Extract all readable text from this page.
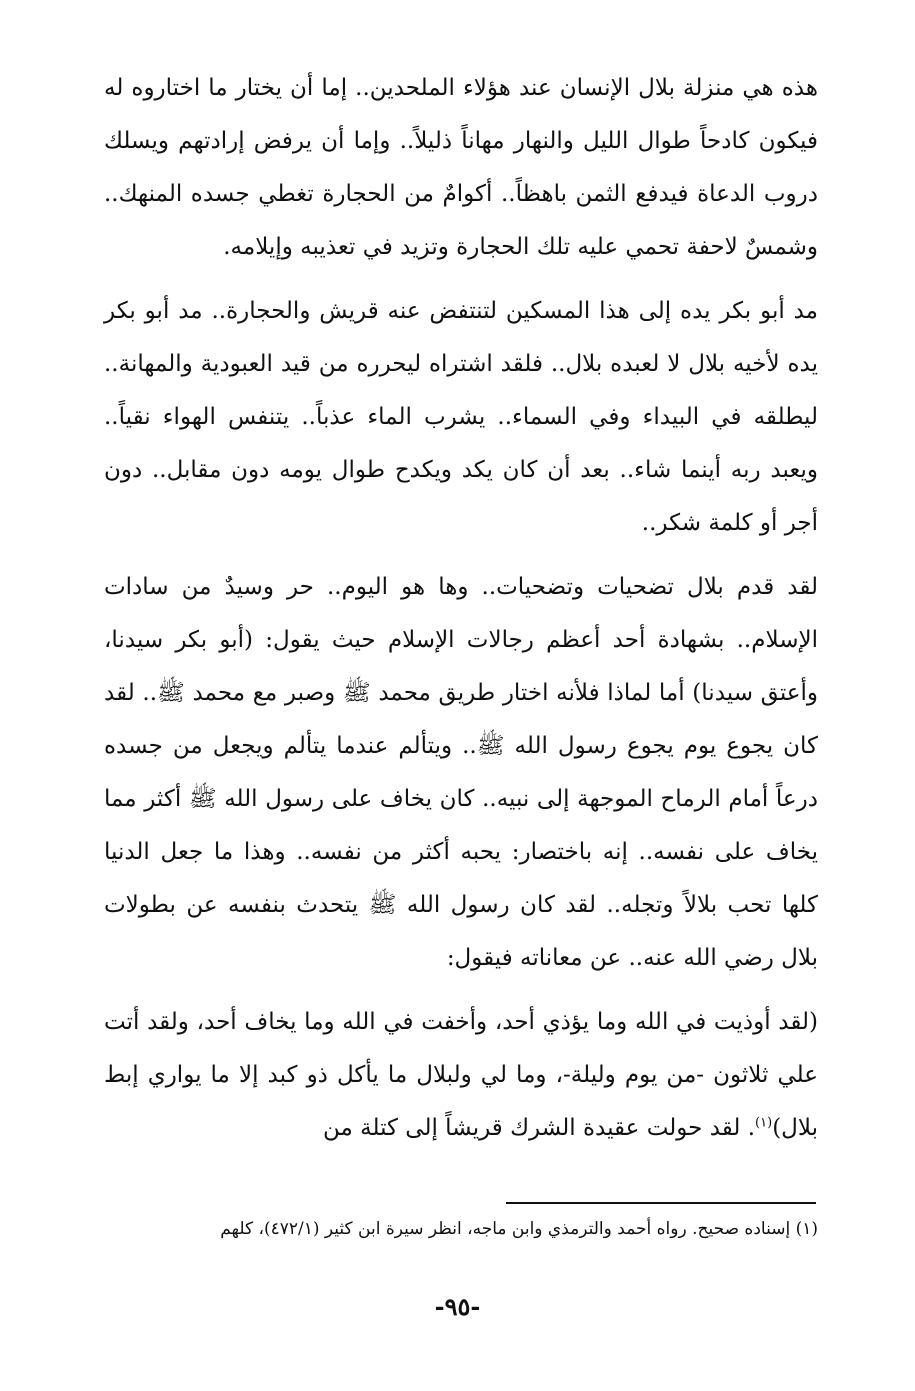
هذه هي منزلة بلال الإنسان عند هؤلاء الملحدين.. إما أن يختار ما اختاروه له فيكون كادحاً طوال الليل والنهار مهاناً ذليلاً.. وإما أن يرفض إرادتهم ويسلك دروب الدعاة فيدفع الثمن باهظاً.. أكوامٌ من الحجارة تغطي جسده المنهك.. وشمسٌ لاحفة تحمي عليه تلك الحجارة وتزيد في تعذيبه وإيلامه.

مد أبو بكر يده إلى هذا المسكين لتنتفض عنه قريش والحجارة.. مد أبو بكر يده لأخيه بلال لا لعبده بلال.. فلقد اشتراه ليحرره من قيد العبودية والمهانة.. ليطلقه في البيداء وفي السماء.. يشرب الماء عذباً.. يتنفس الهواء نقياً.. ويعبد ربه أينما شاء.. بعد أن كان يكد ويكدح طوال يومه دون مقابل.. دون أجر أو كلمة شكر..

لقد قدم بلال تضحيات وتضحيات.. وها هو اليوم.. حر وسيدٌ من سادات الإسلام.. بشهادة أحد أعظم رجالات الإسلام حيث يقول: (أبو بكر سيدنا، وأعتق سيدنا) أما لماذا فلأنه اختار طريق محمد ﷺ وصبر مع محمد ﷺ.. لقد كان يجوع يوم يجوع رسول الله ﷺ.. ويتألم عندما يتألم ويجعل من جسده درعاً أمام الرماح الموجهة إلى نبيه.. كان يخاف على رسول الله ﷺ أكثر مما يخاف على نفسه.. إنه باختصار: يحبه أكثر من نفسه.. وهذا ما جعل الدنيا كلها تحب بلالاً وتجله.. لقد كان رسول الله ﷺ يتحدث بنفسه عن بطولات بلال رضي الله عنه.. عن معاناته فيقول:

(لقد أوذيت في الله وما يؤذي أحد، وأخفت في الله وما يخاف أحد، ولقد أتت علي ثلاثون -من يوم وليلة-، وما لي ولبلال ما يأكل ذو كبد إلا ما يواري إبط بلال)$^{(١)}$. لقد حولت عقيدة الشرك قريشاً إلى كتلة من

(١) إسناده صحيح. رواه أحمد والترمذي وابن ماجه، انظر سيرة ابن كثير (٤٧٢/١)، كلهم

-٩٥-
